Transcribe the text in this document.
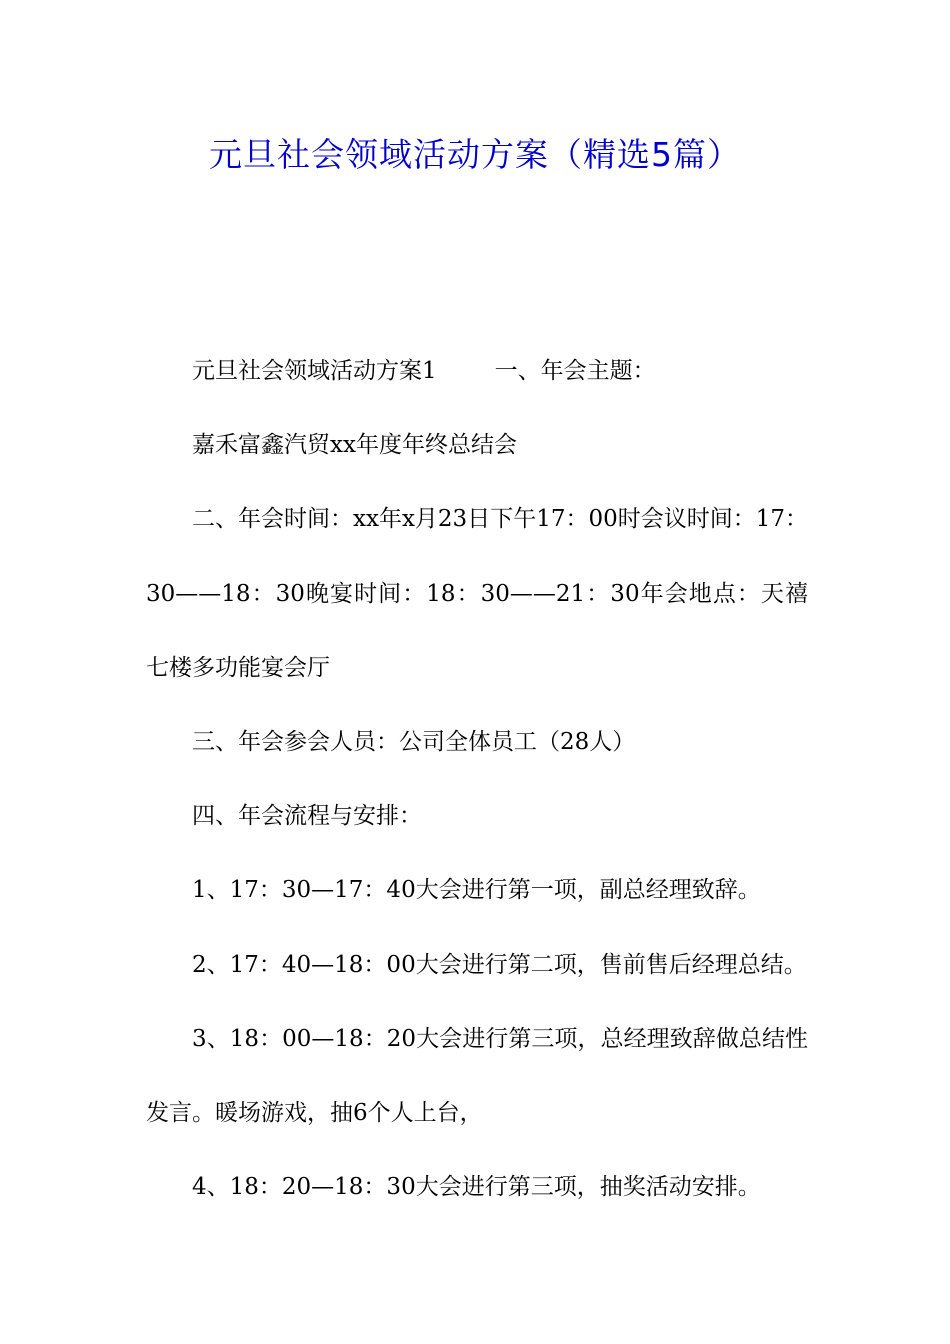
元旦社会领域活动方案（精选5篇）

元旦社会领域活动方案1	一、年会主题：

嘉禾富鑫汽贸xx年度年终总结会

二、年会时间：xx年x月23日下午17：00时会议时间：17：30——18：30晚宴时间：18：30——21：30年会地点：天禧七楼多功能宴会厅

三、年会参会人员：公司全体员工（28人）

四、年会流程与安排：

1、17：30—17：40大会进行第一项，副总经理致辞。

2、17：40—18：00大会进行第二项，售前售后经理总结。

3、18：00—18：20大会进行第三项，总经理致辞做总结性发言。暖场游戏，抽6个人上台，

4、18：20—18：30大会进行第三项，抽奖活动安排。
